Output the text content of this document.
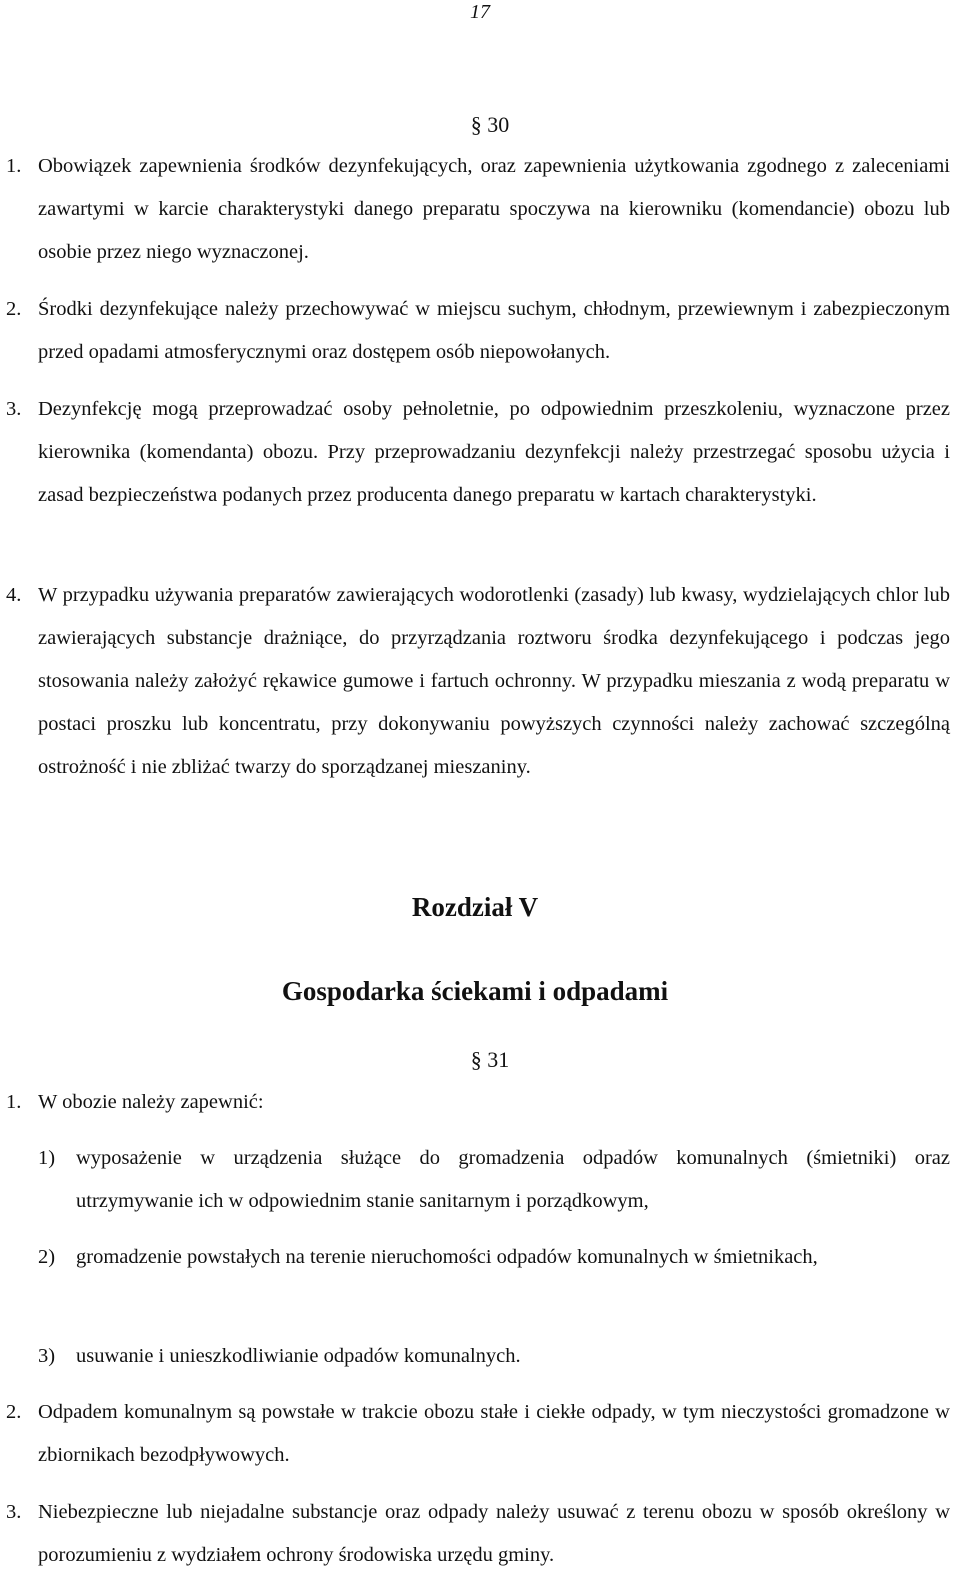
17
§ 30
1. Obowiązek zapewnienia środków dezynfekujących, oraz zapewnienia użytkowania zgodnego z zaleceniami zawartymi w karcie charakterystyki danego preparatu spoczywa na kierowniku (komendancie) obozu lub osobie przez niego wyznaczonej.
2. Środki dezynfekujące należy przechowywać w miejscu suchym, chłodnym, przewiewnym i zabezpieczonym przed opadami atmosferycznymi oraz dostępem osób niepowołanych.
3. Dezynfekcję mogą przeprowadzać osoby pełnoletnie, po odpowiednim przeszkoleniu, wyznaczone przez kierownika (komendanta) obozu. Przy przeprowadzaniu dezynfekcji należy przestrzegać sposobu użycia i zasad bezpieczeństwa podanych przez producenta danego preparatu w kartach charakterystyki.
4. W przypadku używania preparatów zawierających wodorotlenki (zasady) lub kwasy, wydzielających chlor lub zawierających substancje drażniące, do przyrządzania roztworu środka dezynfekującego i podczas jego stosowania należy założyć rękawice gumowe i fartuch ochronny. W przypadku mieszania z wodą preparatu w postaci proszku lub koncentratu, przy dokonywaniu powyższych czynności należy zachować szczególną ostrożność i nie zbliżać twarzy do sporządzanej mieszaniny.
Rozdział V
Gospodarka ściekami i odpadami
§ 31
1. W obozie należy zapewnić:
1) wyposażenie w urządzenia służące do gromadzenia odpadów komunalnych (śmietniki) oraz utrzymywanie ich w odpowiednim stanie sanitarnym i porządkowym,
2) gromadzenie powstałych na terenie nieruchomości odpadów komunalnych w śmietnikach,
3) usuwanie i unieszkodliwianie odpadów komunalnych.
2. Odpadem komunalnym są powstałe w trakcie obozu stałe i ciekłe odpady, w tym nieczystości gromadzone w zbiornikach bezodpływowych.
3. Niebezpieczne lub niejadalne substancje oraz odpady należy usuwać z terenu obozu w sposób określony w porozumieniu z wydziałem ochrony środowiska urzędu gminy.
